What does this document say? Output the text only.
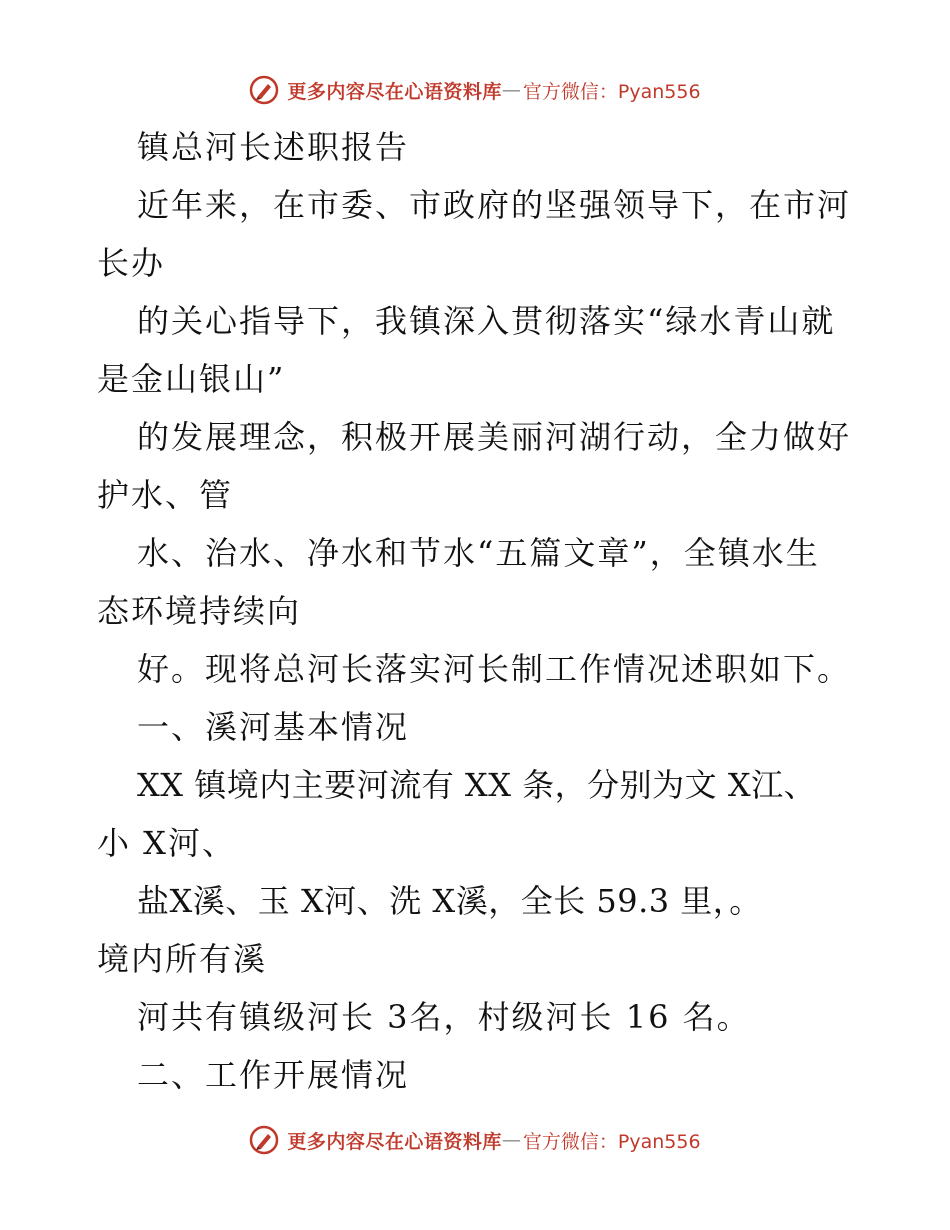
更多内容尽在心语资料库 — 官方微信：Pyan556
镇总河长述职报告
近年来，在市委、市政府的坚强领导下，在市河
长办
的关心指导下，我镇深入贯彻落实“绿水青山就
是金山银山”
的发展理念，积极开展美丽河湖行动，全力做好
护水、管
水、治水、净水和节水“五篇文章”，全镇水生
态环境持续向
好。现将总河长落实河长制工作情况述职如下。
一、溪河基本情况
XX 镇境内主要河流有 XX 条，分别为文 X江、
小 X河、
盐X溪、玉 X河、洗 X溪，全长 59.3 里，。
境内所有溪
河共有镇级河长 3名，村级河长 16 名。
二、工作开展情况
更多内容尽在心语资料库 — 官方微信：Pyan556
